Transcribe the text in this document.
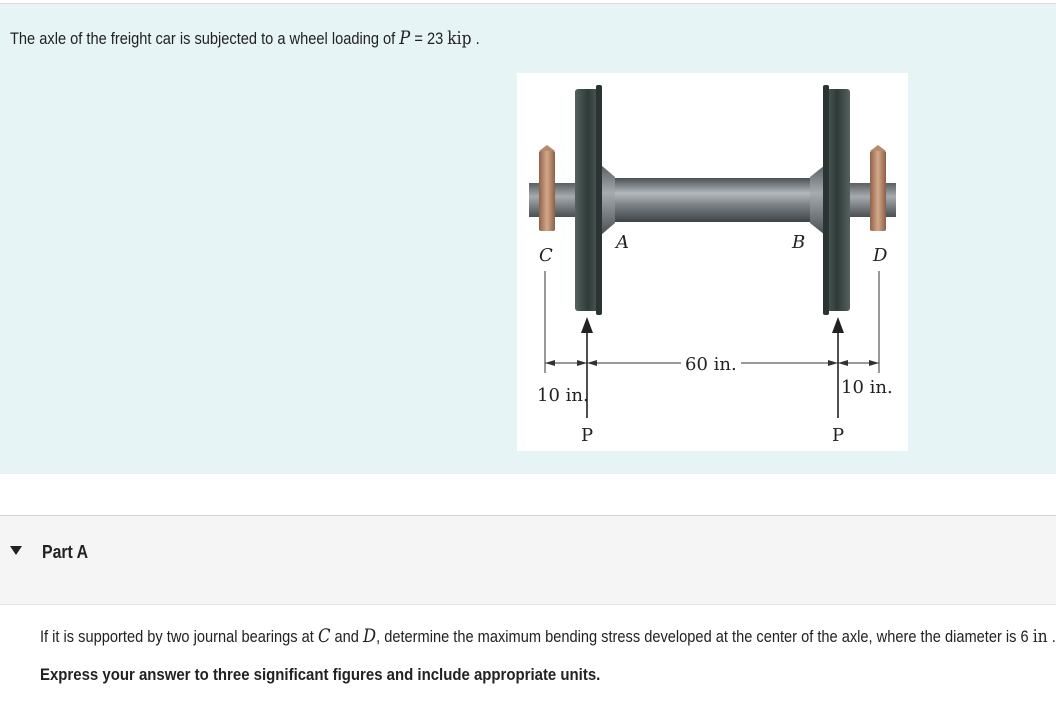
The axle of the freight car is subjected to a wheel loading of P = 23 kip .
C
A	B
D
60 in.
10 in.	10 in.
P	P
Part A
If it is supported by two journal bearings at C and D, determine the maximum bending stress developed at the center of the axle, where the diameter is 6 in .
Express your answer to three significant figures and include appropriate units.
